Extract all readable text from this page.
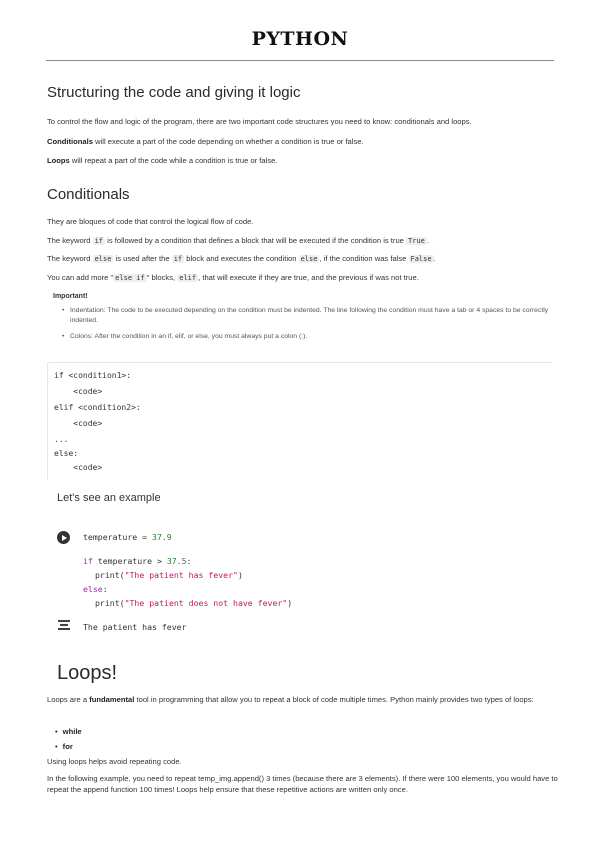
PYTHON
Structuring the code and giving it logic
To control the flow and logic of the program, there are two important code structures you need to know: conditionals and loops.
Conditionals will execute a part of the code depending on whether a condition is true or false.
Loops will repeat a part of the code while a condition is true or false.
Conditionals
They are bloques of code that control the logical flow of code.
The keyword if is followed by a condition that defines a block that will be executed if the condition is true True .
The keyword else is used after the if block and executes the condition else , if the condition was false False .
You can add more " else if " blocks, elif , that will execute if they are true, and the previous if was not true.
Important!
• Indentation: The code to be executed depending on the condition must be indented. The line following the condition must have a tab or 4 spaces to be correctly indented.
• Colons: After the condition in an if, elif, or else, you must always put a colon (:).
if <condition1>:
<code>
elif <condition2>:
<code>
...
else:
<code>
Let's see an example
temperature = 37.9
if temperature > 37.5:
print("The patient has fever")
else:
print("The patient does not have fever")
The patient has fever
Loops!
Loops are a fundamental tool in programming that allow you to repeat a block of code multiple times. Python mainly provides two types of loops:
• while
• for
Using loops helps avoid repeating code.
In the following example, you need to repeat temp_img.append() 3 times (because there are 3 elements). If there were 100 elements, you would have to repeat the append function 100 times! Loops help ensure that these repetitive actions are written only once.
